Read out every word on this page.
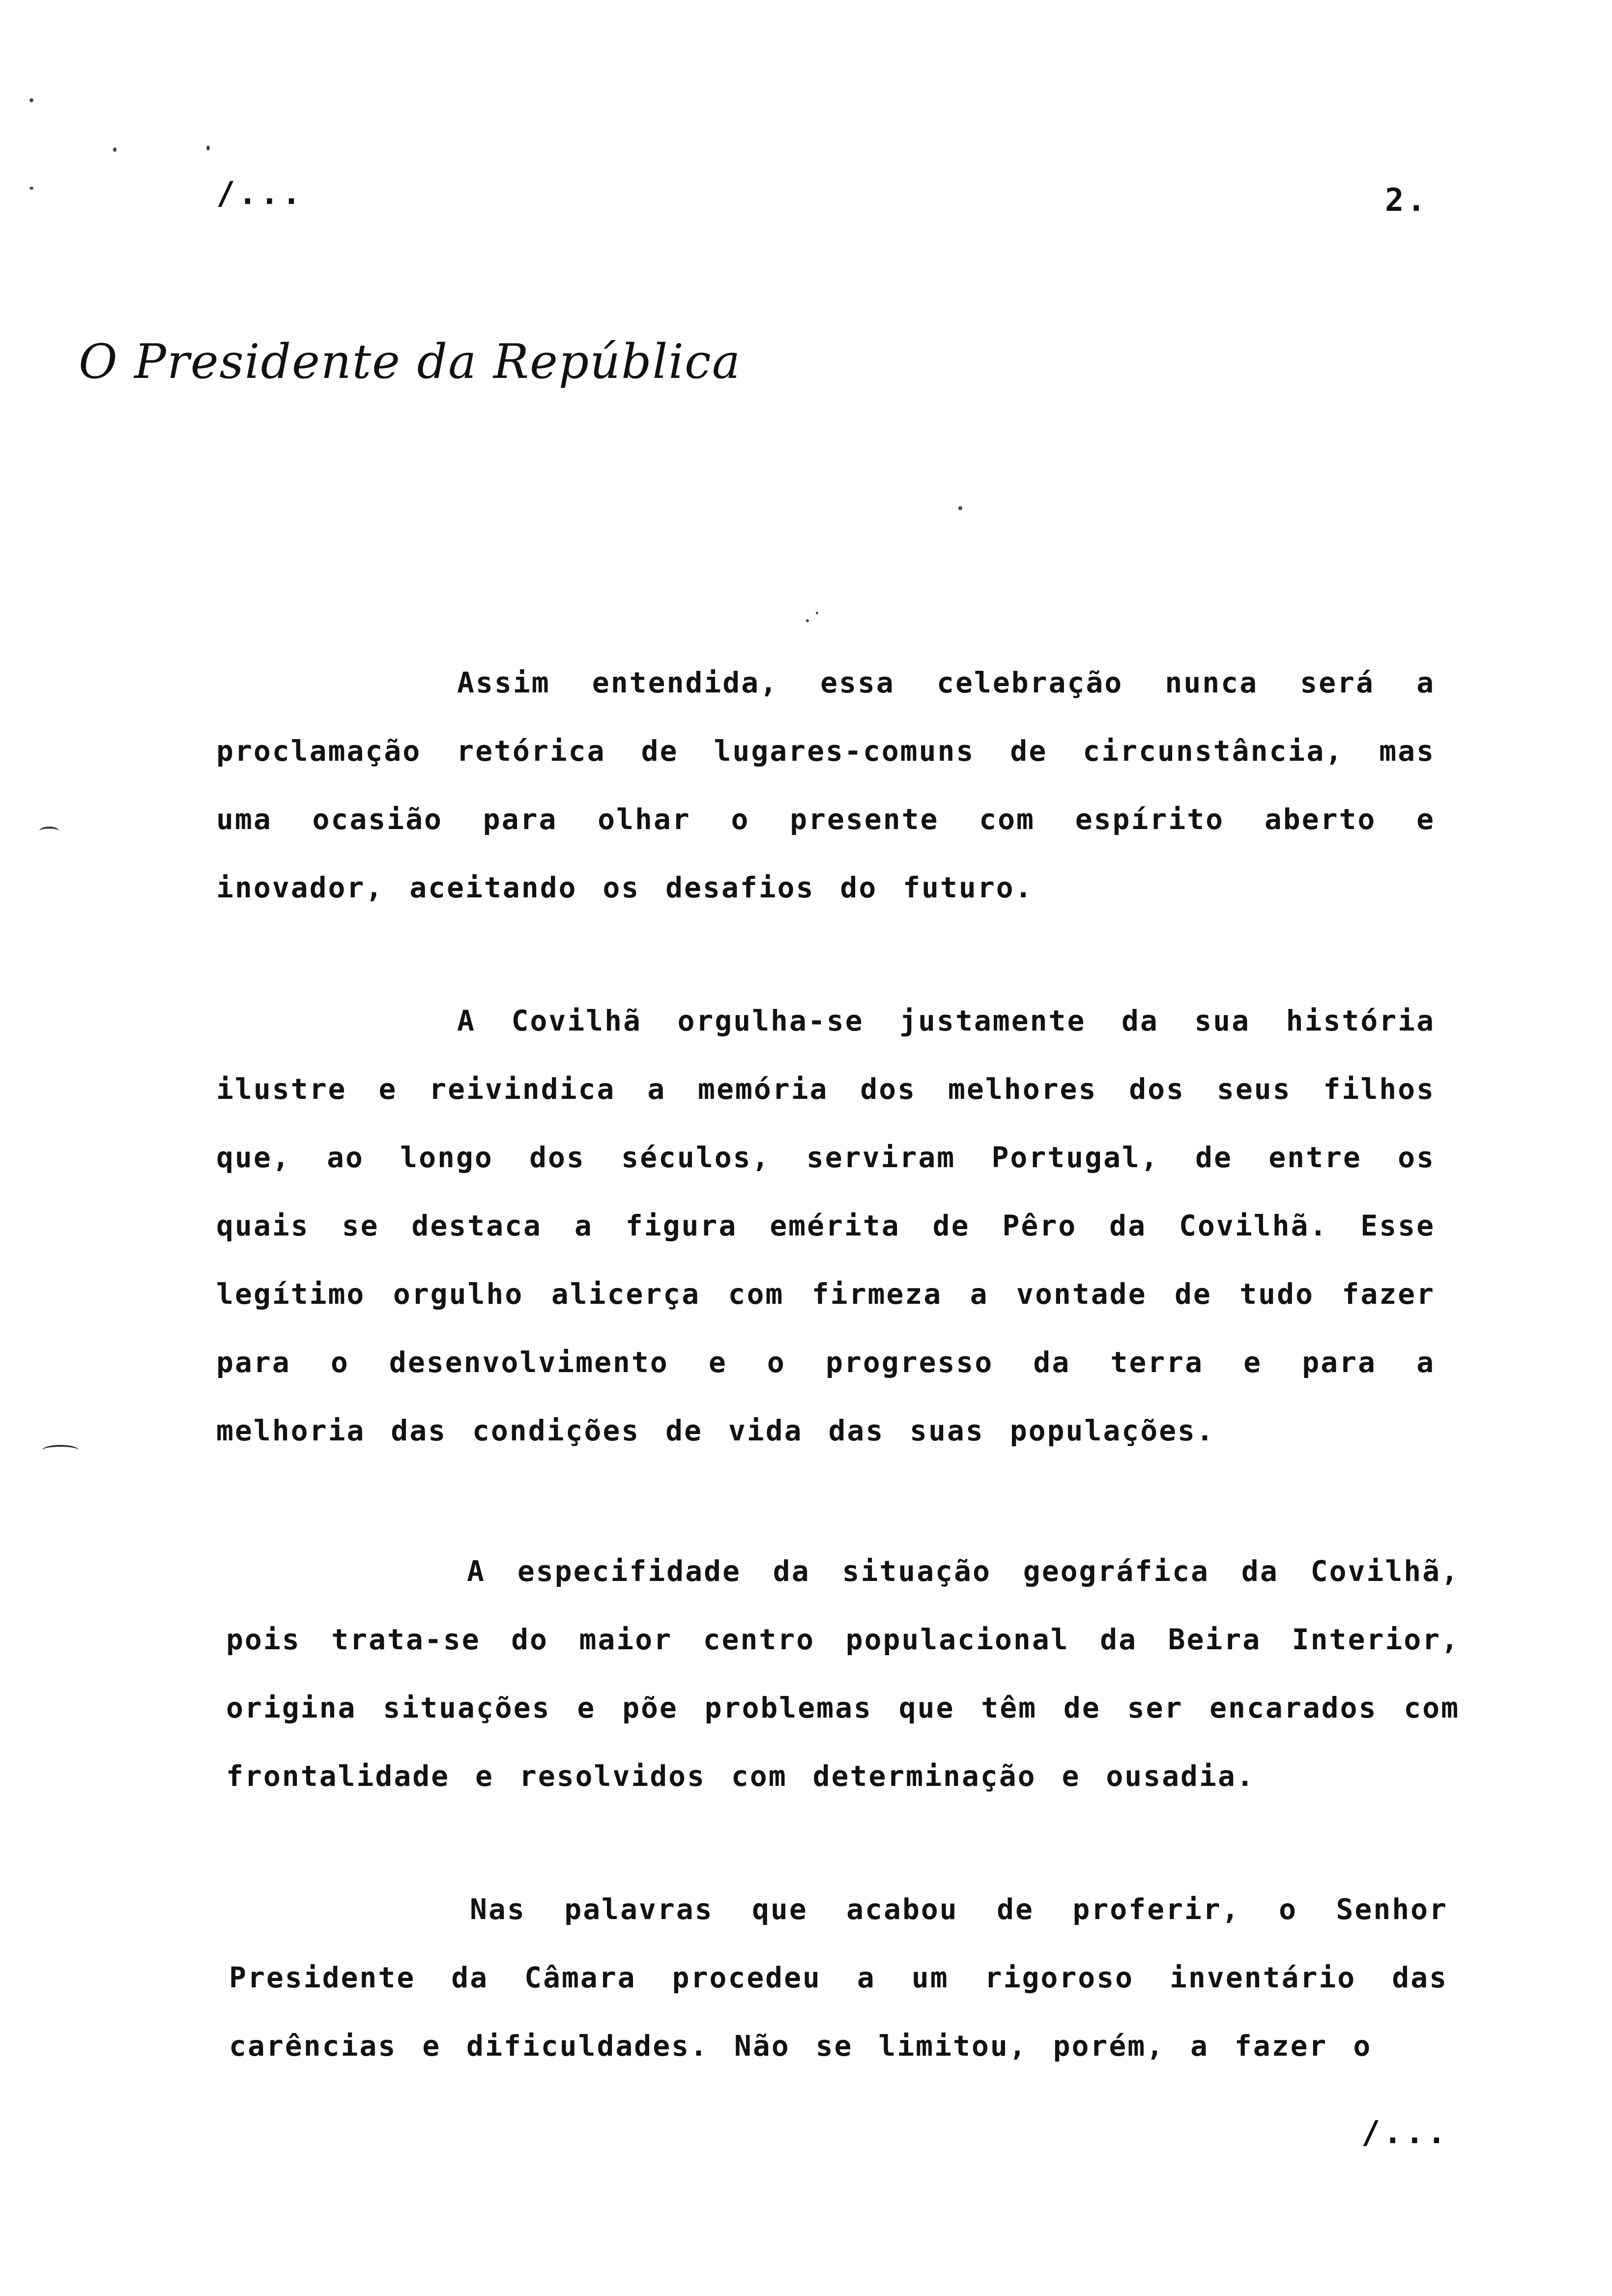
/...	2.
O Presidente da República

Assim entendida, essa celebração nunca será a proclamação retórica de lugares-comuns de circunstância, mas uma ocasião para olhar o presente com espírito aberto e inovador, aceitando os desafios do futuro.

A Covilhã orgulha-se justamente da sua história ilustre e reivindica a memória dos melhores dos seus filhos que, ao longo dos séculos, serviram Portugal, de entre os quais se destaca a figura emérita de Pêro da Covilhã. Esse legítimo orgulho alicerça com firmeza a vontade de tudo fazer para o desenvolvimento e o progresso da terra e para a melhoria das condições de vida das suas populações.

A especifidade da situação geográfica da Covilhã, pois trata-se do maior centro populacional da Beira Interior, origina situações e põe problemas que têm de ser encarados com frontalidade e resolvidos com determinação e ousadia.

Nas palavras que acabou de proferir, o Senhor Presidente da Câmara procedeu a um rigoroso inventário das carências e dificuldades. Não se limitou, porém, a fazer o

/...
